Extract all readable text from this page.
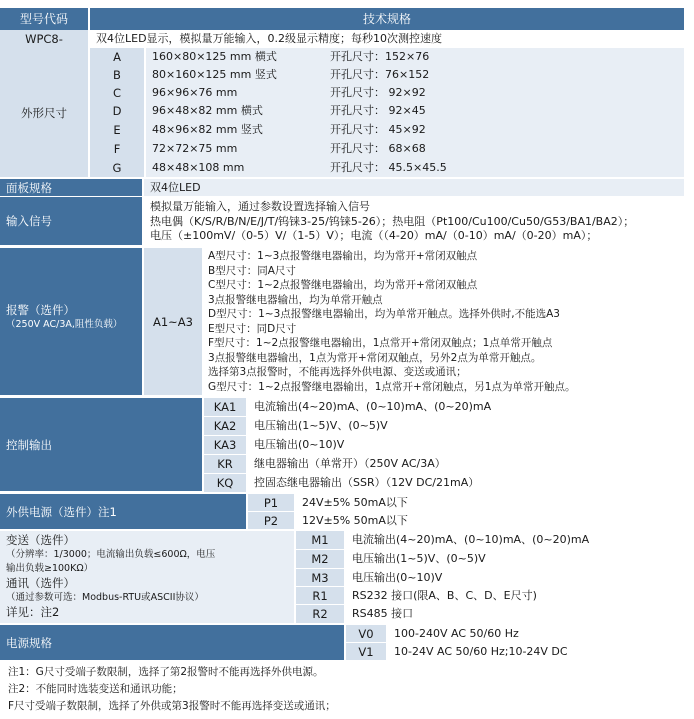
型号代码	技术规格
WPC8-	双4位LED显示，模拟量万能输入，0.2级显示精度；每秒10次测控速度
外形尺寸
A	160×80×125 mm 横式	开孔尺寸：152×76
B	80×160×125 mm 竖式	开孔尺寸：76×152
C	96×96×76 mm	开孔尺寸： 92×92
D	96×48×82 mm 横式	开孔尺寸： 92×45
E	48×96×82 mm 竖式	开孔尺寸： 45×92
F	72×72×75 mm	开孔尺寸： 68×68
G	48×48×108 mm	开孔尺寸： 45.5×45.5
面板规格	双4位LED
输入信号
模拟量万能输入，通过参数设置选择输入信号
热电偶（K/S/R/B/N/E/J/T/钨铼3-25/钨铼5-26）；热电阻（Pt100/Cu100/Cu50/G53/BA1/BA2）；
电压（±100mV/（0-5）V/（1-5）V）；电流（（4-20）mA/（0-10）mA/（0-20）mA）；
报警（选件）
（250V AC/3A,阻性负载）	A1~A3
A型尺寸：1~3点报警继电器输出，均为常开+常闭双触点
B型尺寸：同A尺寸
C型尺寸：1~2点报警继电器输出，均为常开+常闭双触点
3点报警继电器输出，均为单常开触点
D型尺寸：1~3点报警继电器输出，均为单常开触点。选择外供时,不能选A3
E型尺寸：同D尺寸
F型尺寸：1~2点报警继电器输出，1点常开+常闭双触点；1点单常开触点
3点报警继电器输出，1点为常开+常闭双触点，另外2点为单常开触点。
选择第3点报警时，不能再选择外供电源、变送或通讯；
G型尺寸：1~2点报警继电器输出，1点常开+常闭触点，另1点为单常开触点。
控制输出
KA1	电流输出(4~20)mA、(0~10)mA、(0~20)mA
KA2	电压输出(1~5)V、(0~5)V
KA3	电压输出(0~10)V
KR	继电器输出（单常开）（250V AC/3A）
KQ	控固态继电器输出（SSR）（12V DC/21mA）
外供电源（选件）注1
P1	24V±5% 50mA以下
P2	12V±5% 50mA以下
变送（选件）
（分辨率：1/3000；电流输出负载≤600Ω，电压
输出负载≥100KΩ）
通讯（选件）
（通过参数可选：Modbus-RTU或ASCII协议）
详见：注2
M1	电流输出(4~20)mA、(0~10)mA、(0~20)mA
M2	电压输出(1~5)V、(0~5)V
M3	电压输出(0~10)V
R1	RS232 接口(限A、B、C、D、E尺寸)
R2	RS485 接口
电源规格
V0	100-240V AC 50/60 Hz
V1	10-24V AC 50/60 Hz;10-24V DC
注1：G尺寸受端子数限制，选择了第2报警时不能再选择外供电源。
注2：不能同时选装变送和通讯功能；
F尺寸受端子数限制，选择了外供或第3报警时不能再选择变送或通讯；
